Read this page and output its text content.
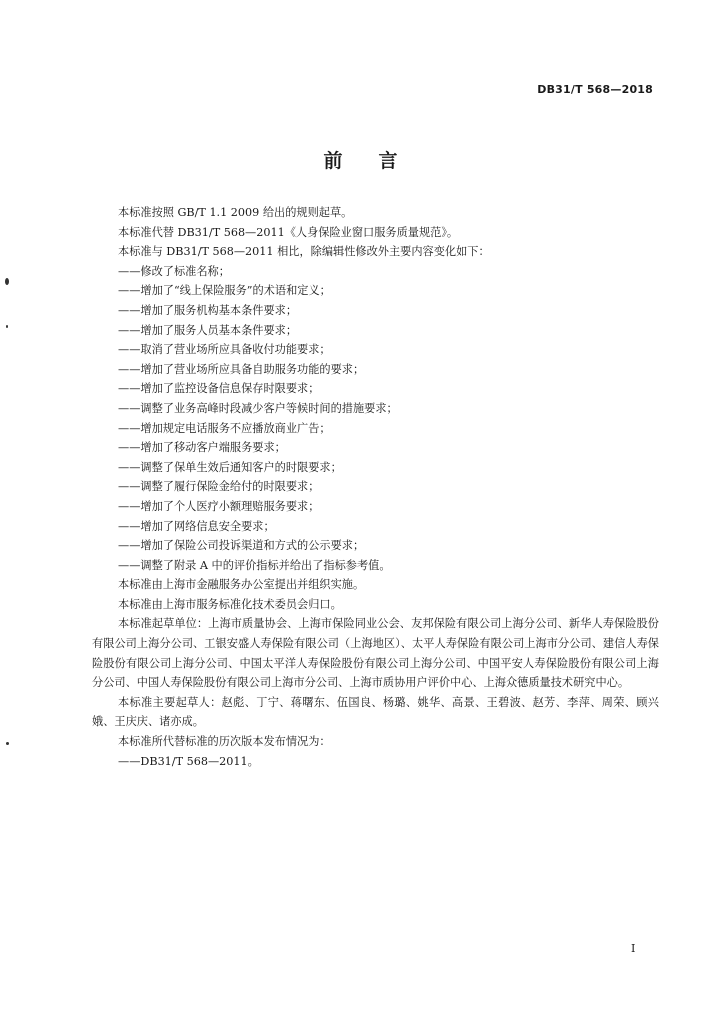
DB31/T 568—2018
前言

本标准按照 GB/T 1.1 2009 给出的规则起草。

本标准代替 DB31/T 568—2011《人身保险业窗口服务质量规范》。

本标准与 DB31/T 568—2011 相比，除编辑性修改外主要内容变化如下：

——修改了标准名称；
——增加了“线上保险服务”的术语和定义；
——增加了服务机构基本条件要求；
——增加了服务人员基本条件要求；
——取消了营业场所应具备收付功能要求；
——增加了营业场所应具备自助服务功能的要求；
——增加了监控设备信息保存时限要求；
——调整了业务高峰时段减少客户等候时间的措施要求；
——增加规定电话服务不应播放商业广告；
——增加了移动客户端服务要求；
——调整了保单生效后通知客户的时限要求；
——调整了履行保险金给付的时限要求；
——增加了个人医疗小额理赔服务要求；
——增加了网络信息安全要求；
——增加了保险公司投诉渠道和方式的公示要求；
——调整了附录 A 中的评价指标并给出了指标参考值。

本标准由上海市金融服务办公室提出并组织实施。

本标准由上海市服务标准化技术委员会归口。

本标准起草单位：上海市质量协会、上海市保险同业公会、友邦保险有限公司上海分公司、新华人寿保险股份有限公司上海分公司、工银安盛人寿保险有限公司（上海地区）、太平人寿保险有限公司上海市分公司、建信人寿保险股份有限公司上海分公司、中国太平洋人寿保险股份有限公司上海分公司、中国平安人寿保险股份有限公司上海分公司、中国人寿保险股份有限公司上海市分公司、上海市质协用户评价中心、上海众德质量技术研究中心。

本标准主要起草人：赵彪、丁宁、蒋曙东、伍国良、杨璐、姚华、高景、王碧波、赵芳、李萍、周荣、顾兴娥、王庆庆、诸亦成。

本标准所代替标准的历次版本发布情况为：

——DB31/T 568—2011。

I
